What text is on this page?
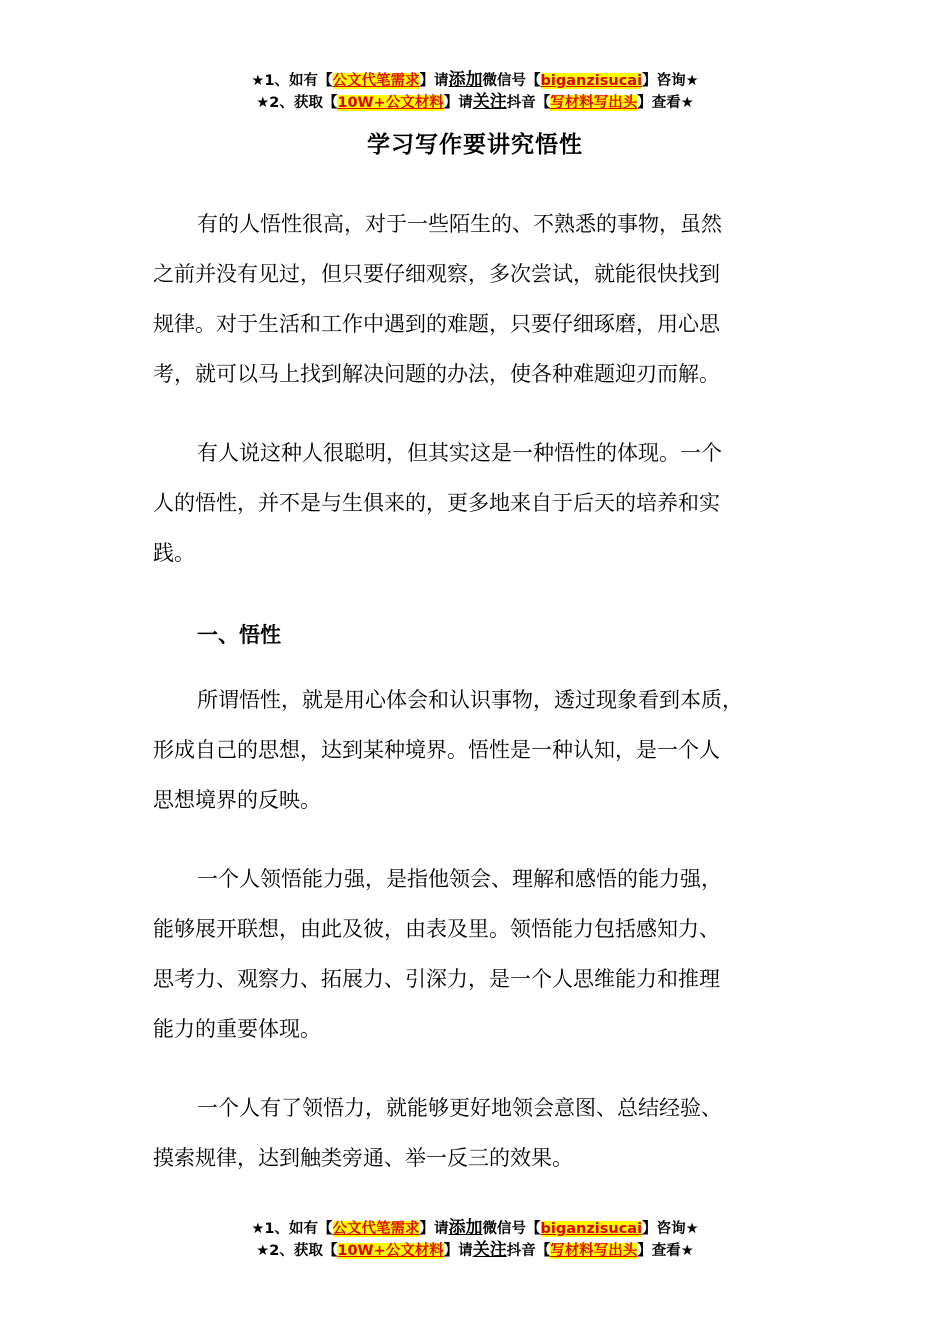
★1、如有【公文代笔需求】请添加微信号【biganzisucai】咨询★
★2、获取【10W+公文材料】请关注抖音【写材料写出头】查看★
学习写作要讲究悟性
有的人悟性很高，对于一些陌生的、不熟悉的事物，虽然
之前并没有见过，但只要仔细观察，多次尝试，就能很快找到
规律。对于生活和工作中遇到的难题，只要仔细琢磨，用心思
考，就可以马上找到解决问题的办法，使各种难题迎刃而解。
有人说这种人很聪明，但其实这是一种悟性的体现。一个
人的悟性，并不是与生俱来的，更多地来自于后天的培养和实
践。
一、悟性
所谓悟性，就是用心体会和认识事物，透过现象看到本质，
形成自己的思想，达到某种境界。悟性是一种认知，是一个人
思想境界的反映。
一个人领悟能力强，是指他领会、理解和感悟的能力强，
能够展开联想，由此及彼，由表及里。领悟能力包括感知力、
思考力、观察力、拓展力、引深力，是一个人思维能力和推理
能力的重要体现。
一个人有了领悟力，就能够更好地领会意图、总结经验、
摸索规律，达到触类旁通、举一反三的效果。
★1、如有【公文代笔需求】请添加微信号【biganzisucai】咨询★
★2、获取【10W+公文材料】请关注抖音【写材料写出头】查看★
